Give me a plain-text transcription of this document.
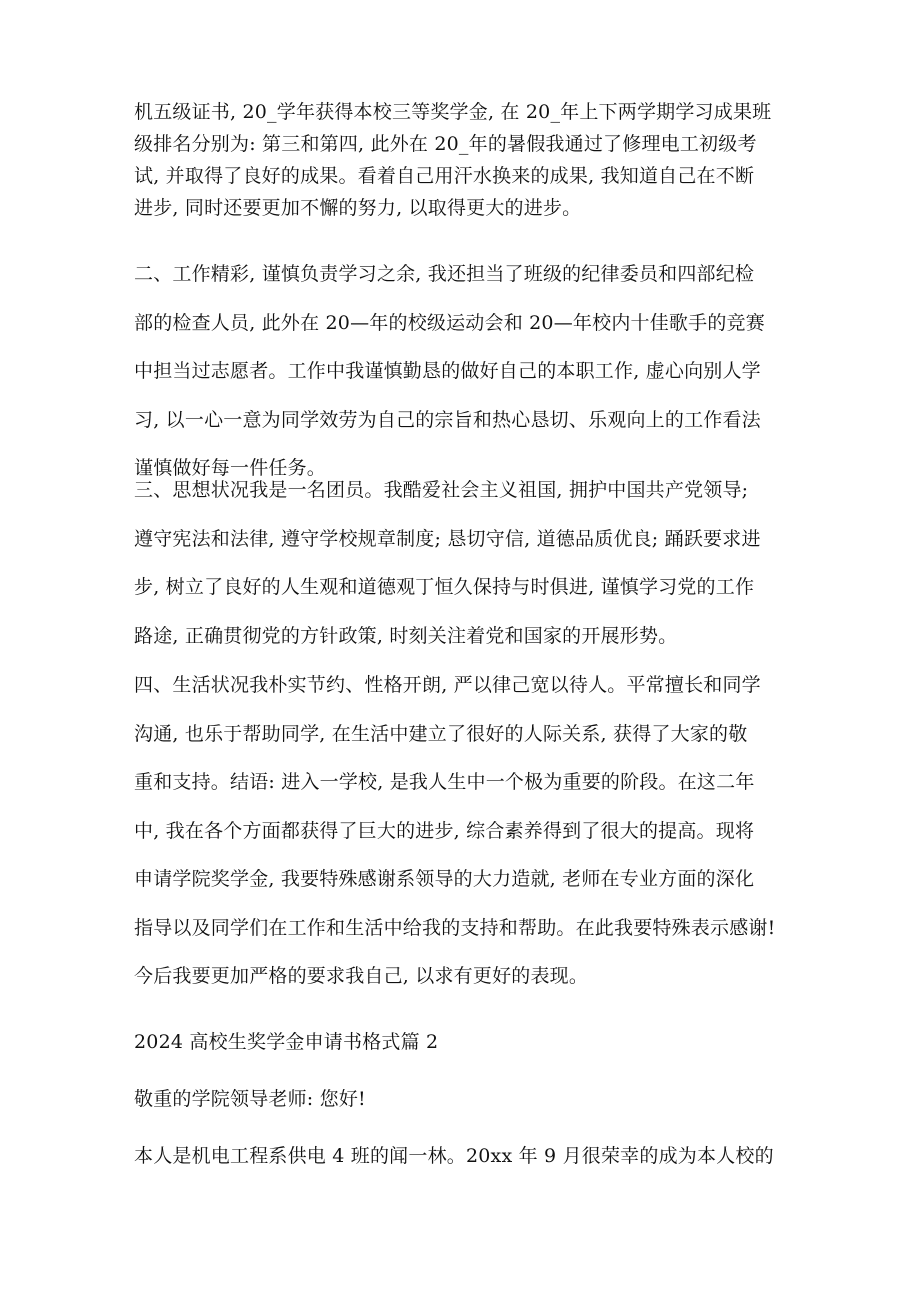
机五级证书, 20_学年获得本校三等奖学金, 在 20_年上下两学期学习成果班
级排名分别为: 第三和第四, 此外在 20_年的暑假我通过了修理电工初级考
试, 并取得了良好的成果。看着自己用汗水换来的成果, 我知道自己在不断
进步, 同时还要更加不懈的努力, 以取得更大的进步。

二、工作精彩, 谨慎负责学习之余, 我还担当了班级的纪律委员和四部纪检
部的检查人员, 此外在 20—年的校级运动会和 20—年校内十佳歌手的竞赛
中担当过志愿者。工作中我谨慎勤恳的做好自己的本职工作, 虚心向别人学
习, 以一心一意为同学效劳为自己的宗旨和热心恳切、乐观向上的工作看法
谨慎做好每一件任务。

三、思想状况我是一名团员。我酷爱社会主义祖国, 拥护中国共产党领导;
遵守宪法和法律, 遵守学校规章制度; 恳切守信, 道德品质优良; 踊跃要求进
步, 树立了良好的人生观和道德观丁恒久保持与时俱进, 谨慎学习党的工作
路途, 正确贯彻党的方针政策, 时刻关注着党和国家的开展形势。

四、生活状况我朴实节约、性格开朗, 严以律己宽以待人。平常擅长和同学
沟通, 也乐于帮助同学, 在生活中建立了很好的人际关系, 获得了大家的敬
重和支持。结语: 进入一学校, 是我人生中一个极为重要的阶段。在这二年
中, 我在各个方面都获得了巨大的进步, 综合素养得到了很大的提高。现将
申请学院奖学金, 我要特殊感谢系领导的大力造就, 老师在专业方面的深化
指导以及同学们在工作和生活中给我的支持和帮助。在此我要特殊表示感谢!
今后我要更加严格的要求我自己, 以求有更好的表现。

2024 高校生奖学金申请书格式篇 2

敬重的学院领导老师: 您好!

本人是机电工程系供电 4 班的闻一林。20xx 年 9 月很荣幸的成为本人校的
